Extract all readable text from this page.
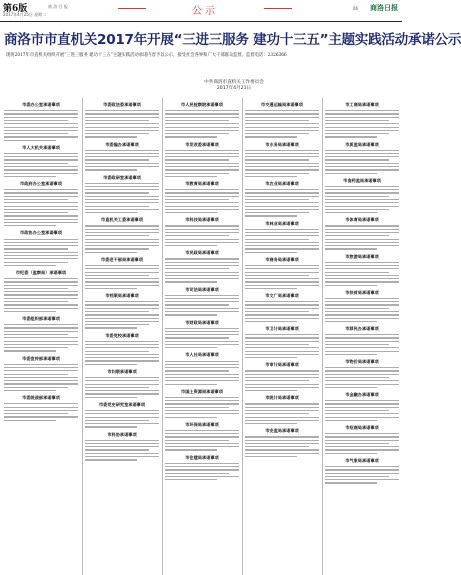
第6版
2017年4月25日 星期二
商 洛 日 报	公示	06 商洛日报
商洛市市直机关2017年开展“三进三服务 建功十三五”主题实践活动承诺公示
现将2017年市直机关组织开展“三进三服务 建功十三五”主题实践活动承诺内容予以公示，接受社会各界和广大干部群众监督。监督电话：2326366
中共商洛市直机关工作委员会
2017年4月21日
市委办公室承诺事项
市人大机关承诺事项
市政府办公室承诺事项
市政协办公室承诺事项
市纪委（监察局）承诺事项
市委组织部承诺事项
市委宣传部承诺事项
市委统战部承诺事项
市委政法委承诺事项
市委编办承诺事项
市委政研室承诺事项
市直机关工委承诺事项
市委老干部局承诺事项
市档案局承诺事项
市委党校承诺事项
市妇联承诺事项
市委党史研究室承诺事项
市科协承诺事项
市人民检察院承诺事项
市发改委承诺事项
市教育局承诺事项
市科技局承诺事项
市民政局承诺事项
市司法局承诺事项
市财政局承诺事项
市人社局承诺事项
市国土资源局承诺事项
市环保局承诺事项
市住建局承诺事项
市交通运输局承诺事项
市水务局承诺事项
市农业局承诺事项
市林业局承诺事项
市商务局承诺事项
市文广局承诺事项
市卫计局承诺事项
市审计局承诺事项
市统计局承诺事项
市安监局承诺事项
市工商局承诺事项
市质监局承诺事项
市食药监局承诺事项
市体育局承诺事项
市旅游局承诺事项
市扶贫局承诺事项
市移民办承诺事项
市物价局承诺事项
市金融办承诺事项
市招商局承诺事项
市气象局承诺事项
